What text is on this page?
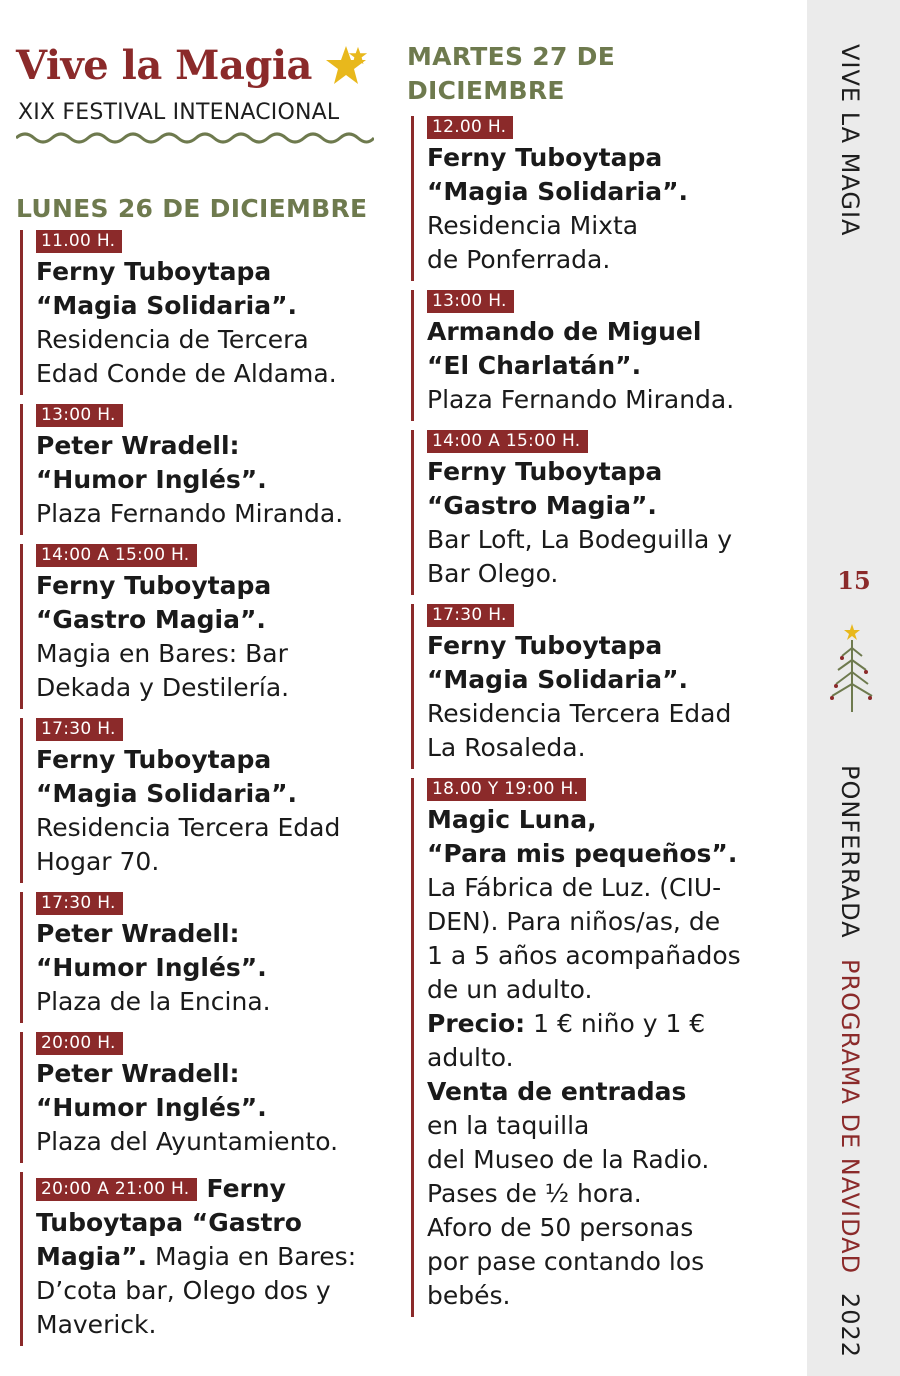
Vive la Magia
XIX FESTIVAL INTENACIONAL
LUNES 26 DE DICIEMBRE
11.00 H.
Ferny Tuboytapa
“Magia Solidaria”.
Residencia de Tercera
Edad Conde de Aldama.
13:00 H.
Peter Wradell:
“Humor Inglés”.
Plaza Fernando Miranda.
14:00 A 15:00 H.
Ferny Tuboytapa
“Gastro Magia”.
Magia en Bares: Bar
Dekada y Destilería.
17:30 H.
Ferny Tuboytapa
“Magia Solidaria”.
Residencia Tercera Edad
Hogar 70.
17:30 H.
Peter Wradell:
“Humor Inglés”.
Plaza de la Encina.
20:00 H.
Peter Wradell:
“Humor Inglés”.
Plaza del Ayuntamiento.
20:00 A 21:00 H. Ferny
Tuboytapa “Gastro
Magia”. Magia en Bares:
D’cota bar, Olego dos y
Maverick.
MARTES 27 DE
DICIEMBRE
12.00 H.
Ferny Tuboytapa
“Magia Solidaria”.
Residencia Mixta
de Ponferrada.
13:00 H.
Armando de Miguel
“El Charlatán”.
Plaza Fernando Miranda.
14:00 A 15:00 H.
Ferny Tuboytapa
“Gastro Magia”.
Bar Loft, La Bodeguilla y
Bar Olego.
17:30 H.
Ferny Tuboytapa
“Magia Solidaria”.
Residencia Tercera Edad
La Rosaleda.
18.00 Y 19:00 H.
Magic Luna,
“Para mis pequeños”.
La Fábrica de Luz. (CIU-
DEN). Para niños/as, de
1 a 5 años acompañados
de un adulto.
Precio: 1 € niño y 1 €
adulto.
Venta de entradas
en la taquilla
del Museo de la Radio.
Pases de ½ hora.
Aforo de 50 personas
por pase contando los
bebés.
VIVE LA MAGIA
15
PONFERRADA PROGRAMA DE NAVIDAD 2022
